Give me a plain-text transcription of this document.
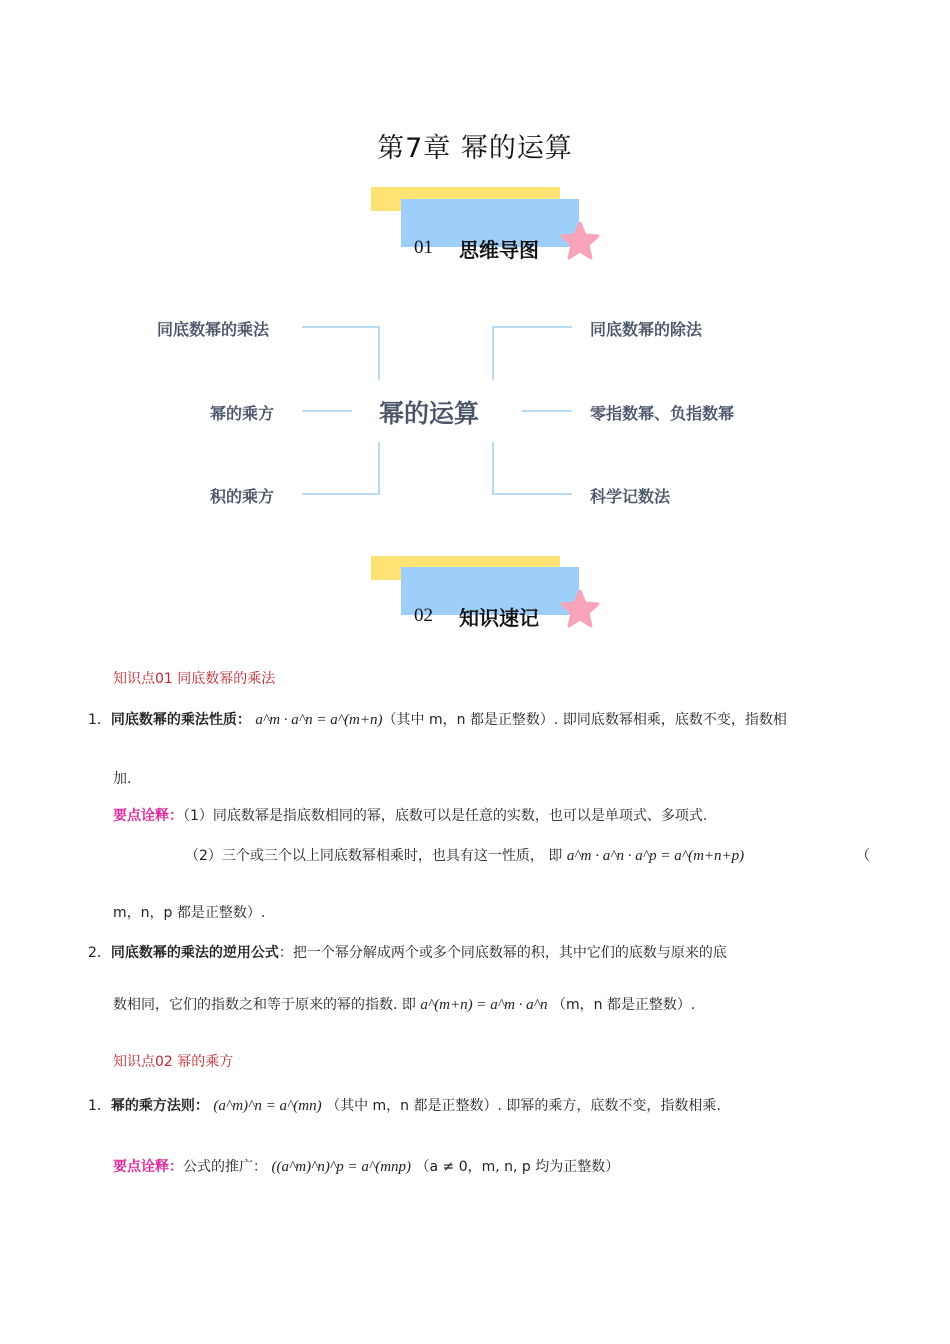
第7章 幂的运算
01 思维导图
幂的运算
同底数幂的乘法
幂的乘方
积的乘方
同底数幂的除法
零指数幂、负指数幂
科学记数法
02 知识速记
知识点01 同底数幂的乘法
1．同底数幂的乘法性质： a^m · a^n = a^(m+n)（其中 m，n 都是正整数）. 即同底数幂相乘，底数不变，指数相
加.
要点诠释：（1）同底数幂是指底数相同的幂，底数可以是任意的实数，也可以是单项式、多项式.
（2）三个或三个以上同底数幂相乘时，也具有这一性质， 即 a^m · a^n · a^p = a^(m+n+p)	（
m，n，p 都是正整数）.
2．同底数幂的乘法的逆用公式：把一个幂分解成两个或多个同底数幂的积，其中它们的底数与原来的底
数相同，它们的指数之和等于原来的幂的指数. 即 a^(m+n) = a^m · a^n （m，n 都是正整数）.
知识点02 幂的乘方
1．幂的乘方法则： (a^m)^n = a^(mn) （其中 m，n 都是正整数）. 即幂的乘方，底数不变，指数相乘.
要点诠释：公式的推广： ((a^m)^n)^p = a^(mnp) （a ≠ 0，m, n, p 均为正整数）
